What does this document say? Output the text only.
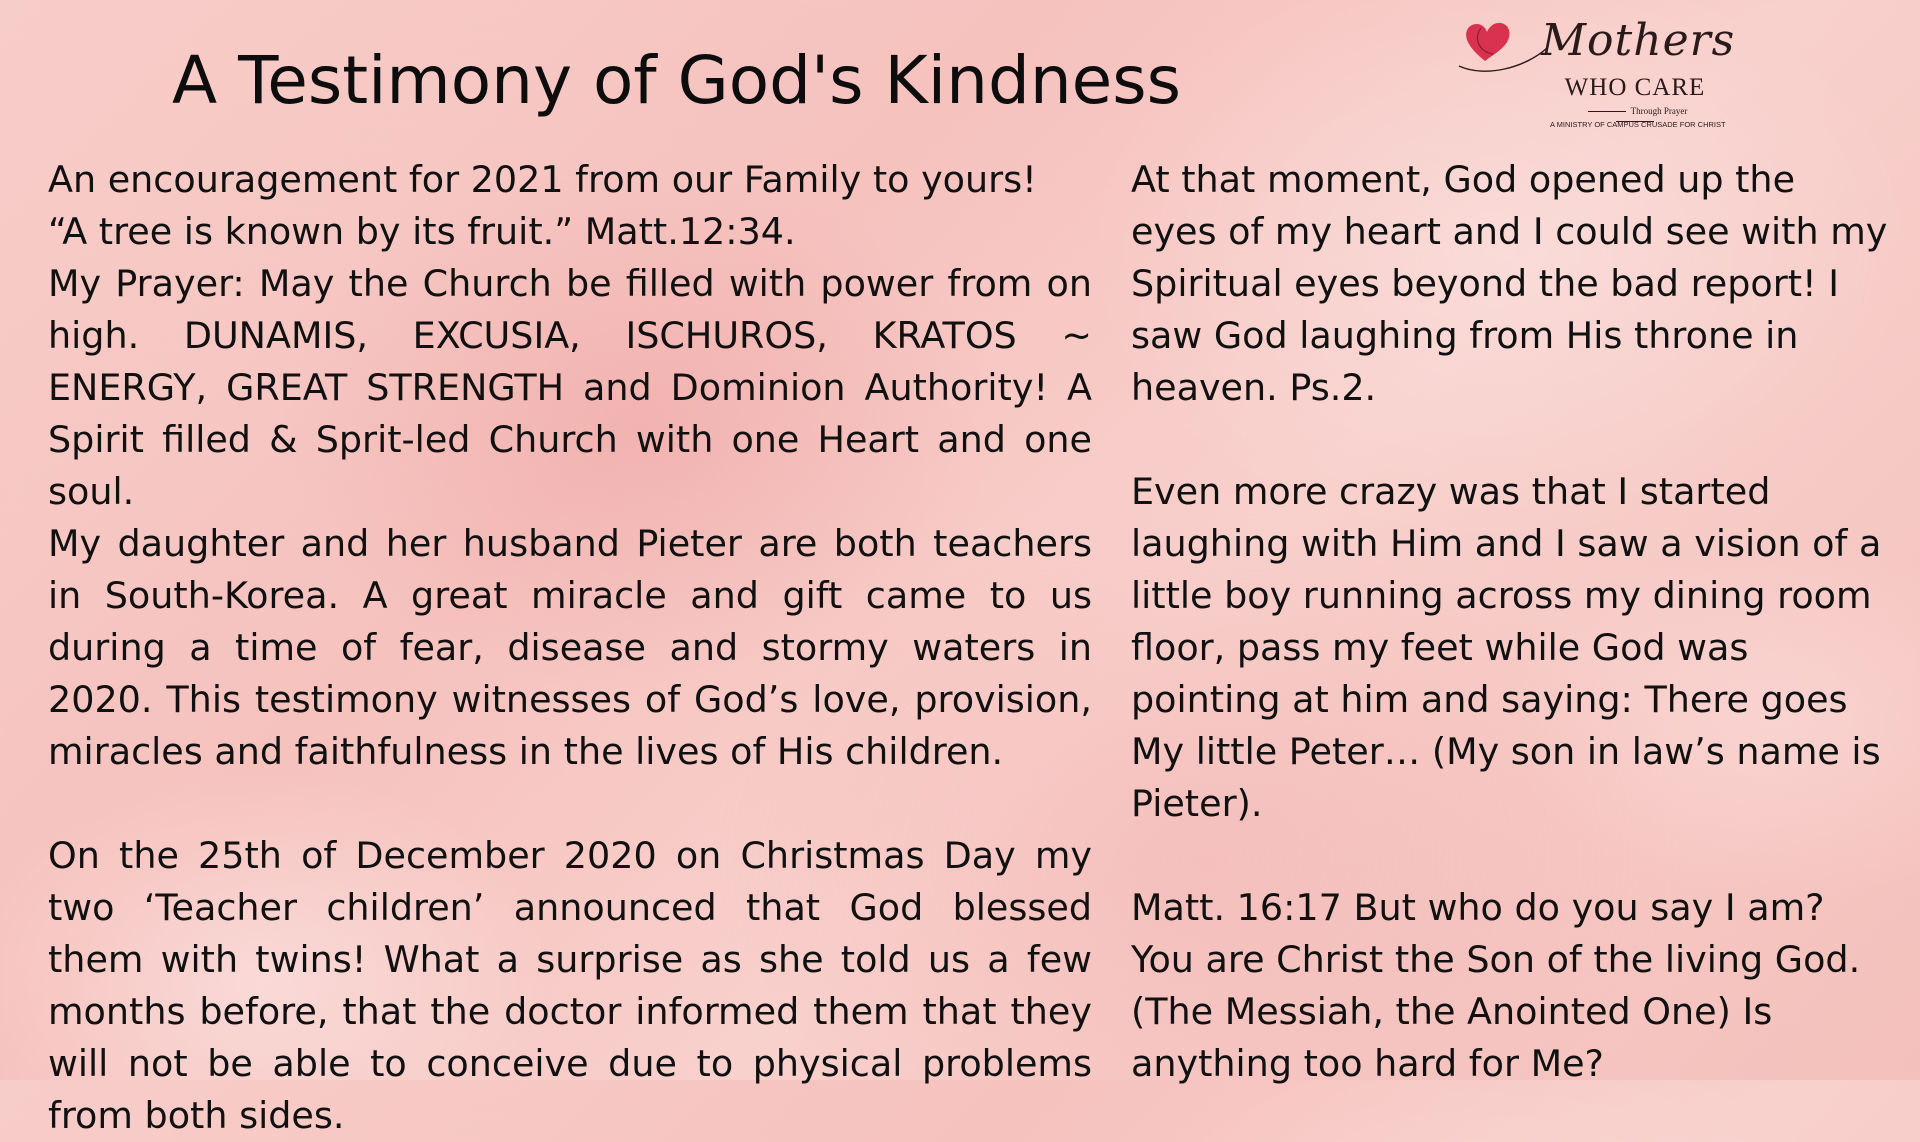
A Testimony of God's Kindness
Mothers
WHO CARE
Through Prayer
A MINISTRY OF CAMPUS CRUSADE FOR CHRIST

An encouragement for 2021 from our Family to yours!

“A tree is known by its fruit.” Matt.12:34.

My Prayer: May the Church be filled with power from on high. DUNAMIS, EXCUSIA, ISCHUROS, KRATOS ~ ENERGY, GREAT STRENGTH and Dominion Authority! A Spirit filled & Sprit-led Church with one Heart and one soul.

My daughter and her husband Pieter are both teachers in South-Korea. A great miracle and gift came to us during a time of fear, disease and stormy waters in 2020. This testimony witnesses of God’s love, provision, miracles and faithfulness in the lives of His children.

On the 25th of December 2020 on Christmas Day my two ‘Teacher children’ announced that God blessed them with twins! What a surprise as she told us a few months before, that the doctor informed them that they will not be able to conceive due to physical problems from both sides.

At that moment, God opened up the eyes of my heart and I could see with my Spiritual eyes beyond the bad report! I saw God laughing from His throne in heaven. Ps.2.

Even more crazy was that I started laughing with Him and I saw a vision of a little boy running across my dining room floor, pass my feet while God was pointing at him and saying: There goes My little Peter… (My son in law’s name is Pieter).

Matt. 16:17 But who do you say I am? You are Christ the Son of the living God. (The Messiah, the Anointed One) Is anything too hard for Me?
